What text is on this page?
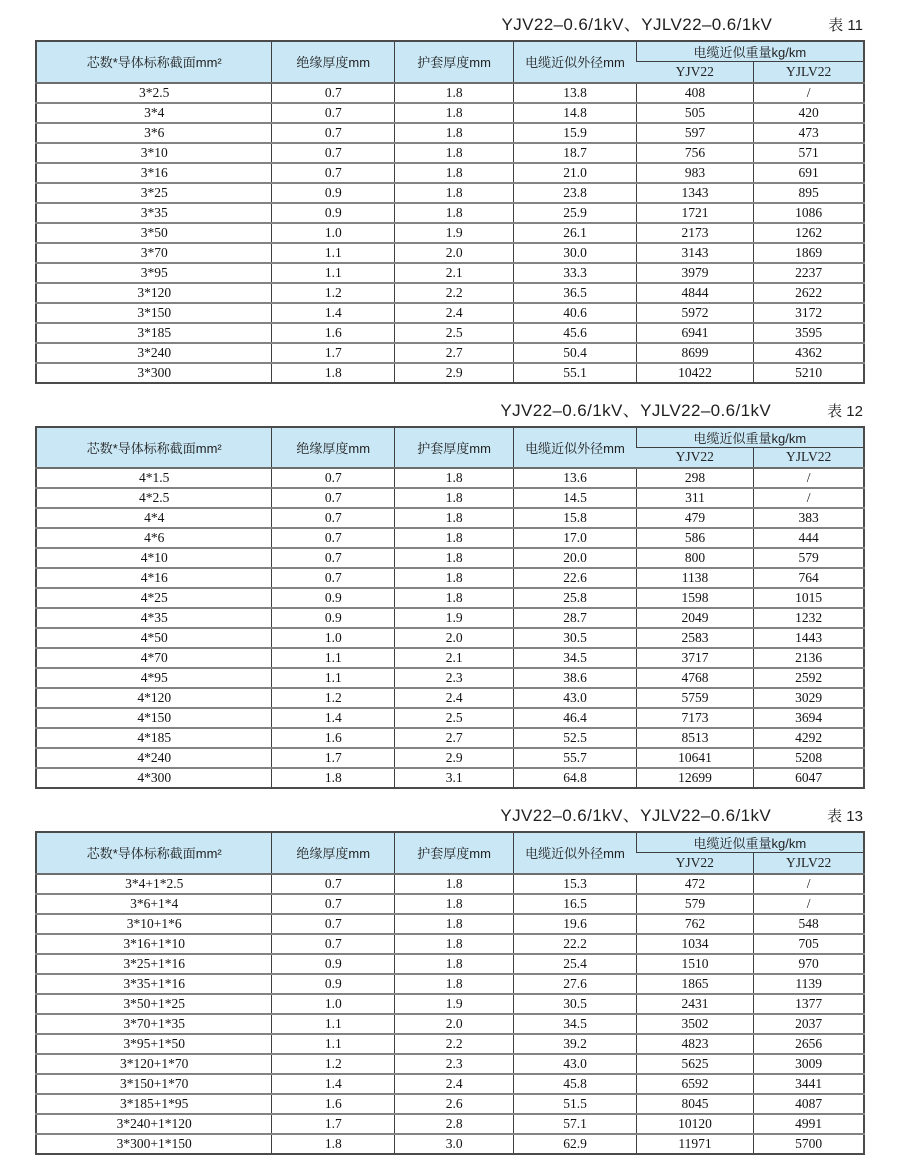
YJV22–0.6/1kV、YJLV22–0.6/1kV	表 11
芯数*导体标称截面mm²	绝缘厚度mm	护套厚度mm	电缆近似外径mm	电缆近似重量kg/km	
				YJV22	YJLV22
3*2.5	0.7	1.8	13.8	408	/
3*4	0.7	1.8	14.8	505	420
3*6	0.7	1.8	15.9	597	473
3*10	0.7	1.8	18.7	756	571
3*16	0.7	1.8	21.0	983	691
3*25	0.9	1.8	23.8	1343	895
3*35	0.9	1.8	25.9	1721	1086
3*50	1.0	1.9	26.1	2173	1262
3*70	1.1	2.0	30.0	3143	1869
3*95	1.1	2.1	33.3	3979	2237
3*120	1.2	2.2	36.5	4844	2622
3*150	1.4	2.4	40.6	5972	3172
3*185	1.6	2.5	45.6	6941	3595
3*240	1.7	2.7	50.4	8699	4362
3*300	1.8	2.9	55.1	10422	5210
YJV22–0.6/1kV、YJLV22–0.6/1kV	表 12
芯数*导体标称截面mm²	绝缘厚度mm	护套厚度mm	电缆近似外径mm	电缆近似重量kg/km	
				YJV22	YJLV22
4*1.5	0.7	1.8	13.6	298	/
4*2.5	0.7	1.8	14.5	311	/
4*4	0.7	1.8	15.8	479	383
4*6	0.7	1.8	17.0	586	444
4*10	0.7	1.8	20.0	800	579
4*16	0.7	1.8	22.6	1138	764
4*25	0.9	1.8	25.8	1598	1015
4*35	0.9	1.9	28.7	2049	1232
4*50	1.0	2.0	30.5	2583	1443
4*70	1.1	2.1	34.5	3717	2136
4*95	1.1	2.3	38.6	4768	2592
4*120	1.2	2.4	43.0	5759	3029
4*150	1.4	2.5	46.4	7173	3694
4*185	1.6	2.7	52.5	8513	4292
4*240	1.7	2.9	55.7	10641	5208
4*300	1.8	3.1	64.8	12699	6047
YJV22–0.6/1kV、YJLV22–0.6/1kV	表 13
芯数*导体标称截面mm²	绝缘厚度mm	护套厚度mm	电缆近似外径mm	电缆近似重量kg/km	
				YJV22	YJLV22
3*4+1*2.5	0.7	1.8	15.3	472	/
3*6+1*4	0.7	1.8	16.5	579	/
3*10+1*6	0.7	1.8	19.6	762	548
3*16+1*10	0.7	1.8	22.2	1034	705
3*25+1*16	0.9	1.8	25.4	1510	970
3*35+1*16	0.9	1.8	27.6	1865	1139
3*50+1*25	1.0	1.9	30.5	2431	1377
3*70+1*35	1.1	2.0	34.5	3502	2037
3*95+1*50	1.1	2.2	39.2	4823	2656
3*120+1*70	1.2	2.3	43.0	5625	3009
3*150+1*70	1.4	2.4	45.8	6592	3441
3*185+1*95	1.6	2.6	51.5	8045	4087
3*240+1*120	1.7	2.8	57.1	10120	4991
3*300+1*150	1.8	3.0	62.9	11971	5700
